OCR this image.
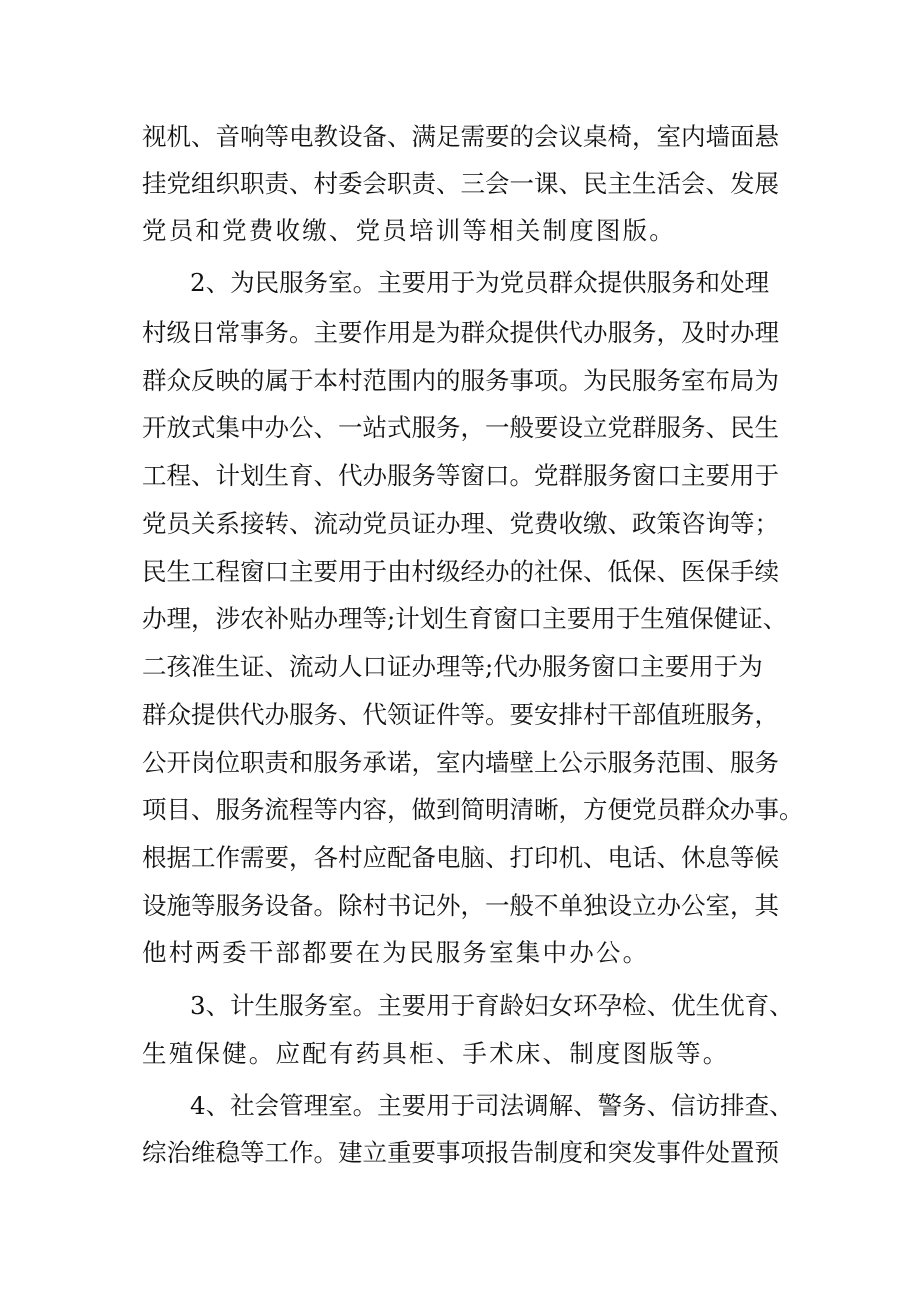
视机、音响等电教设备、满足需要的会议桌椅，室内墙面悬
挂党组织职责、村委会职责、三会一课、民主生活会、发展
党员和党费收缴、党员培训等相关制度图版。
2、为民服务室。主要用于为党员群众提供服务和处理
村级日常事务。主要作用是为群众提供代办服务，及时办理
群众反映的属于本村范围内的服务事项。为民服务室布局为
开放式集中办公、一站式服务，一般要设立党群服务、民生
工程、计划生育、代办服务等窗口。党群服务窗口主要用于
党员关系接转、流动党员证办理、党费收缴、政策咨询等；
民生工程窗口主要用于由村级经办的社保、低保、医保手续
办理，涉农补贴办理等;计划生育窗口主要用于生殖保健证、
二孩准生证、流动人口证办理等;代办服务窗口主要用于为
群众提供代办服务、代领证件等。要安排村干部值班服务，
公开岗位职责和服务承诺，室内墙壁上公示服务范围、服务
项目、服务流程等内容，做到简明清晰，方便党员群众办事。
根据工作需要，各村应配备电脑、打印机、电话、休息等候
设施等服务设备。除村书记外，一般不单独设立办公室，其
他村两委干部都要在为民服务室集中办公。
3、计生服务室。主要用于育龄妇女环孕检、优生优育、
生殖保健。应配有药具柜、手术床、制度图版等。
4、社会管理室。主要用于司法调解、警务、信访排查、
综治维稳等工作。建立重要事项报告制度和突发事件处置预
